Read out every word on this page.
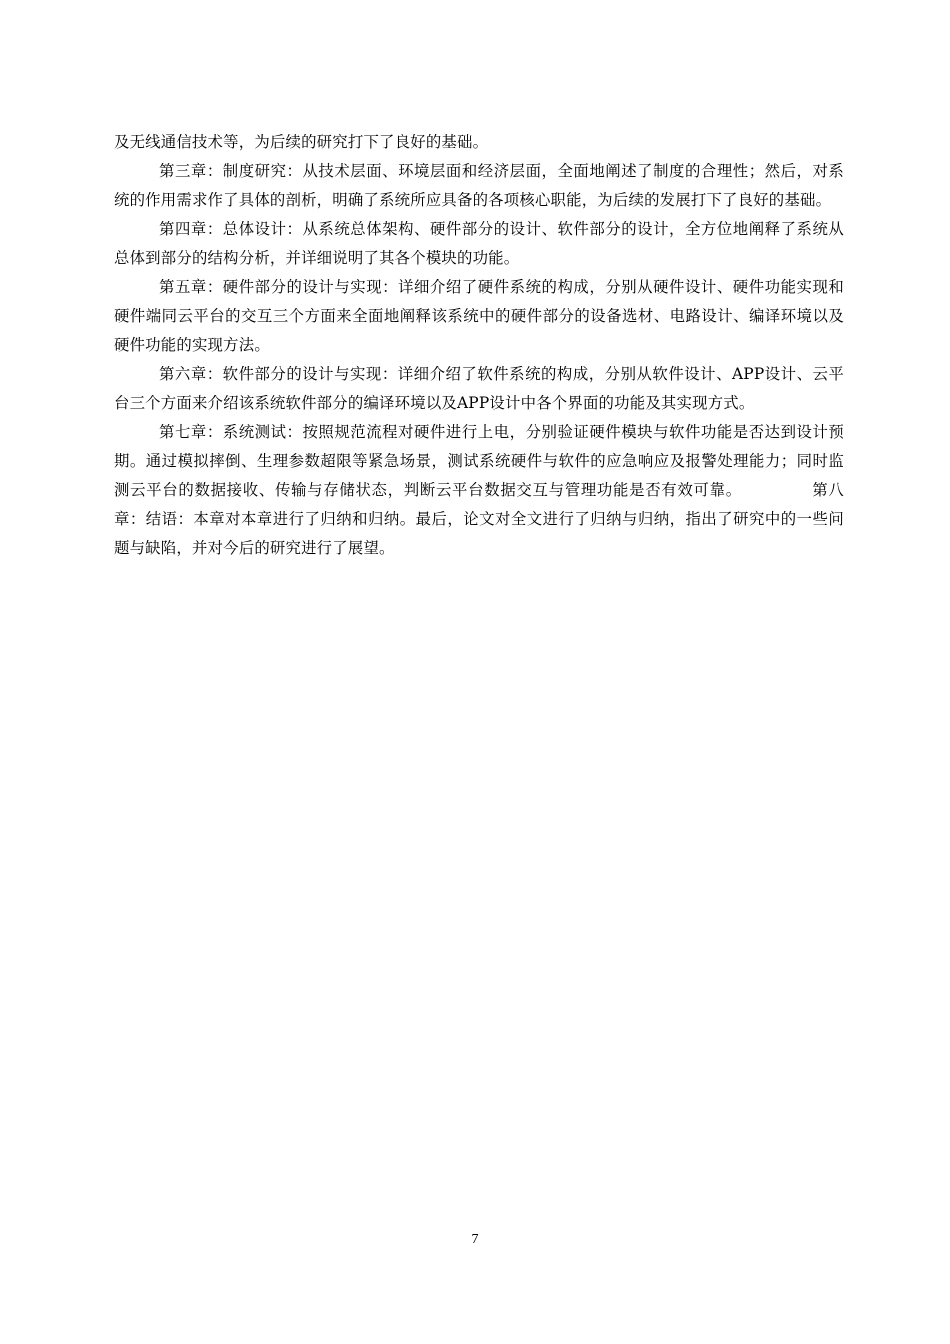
及无线通信技术等，为后续的研究打下了良好的基础。

第三章：制度研究：从技术层面、环境层面和经济层面，全面地阐述了制度的合理性；然后，对系统的作用需求作了具体的剖析，明确了系统所应具备的各项核心职能，为后续的发展打下了良好的基础。

第四章：总体设计：从系统总体架构、硬件部分的设计、软件部分的设计，全方位地阐释了系统从总体到部分的结构分析，并详细说明了其各个模块的功能。

第五章：硬件部分的设计与实现：详细介绍了硬件系统的构成，分别从硬件设计、硬件功能实现和硬件端同云平台的交互三个方面来全面地阐释该系统中的硬件部分的设备选材、电路设计、编译环境以及硬件功能的实现方法。

第六章：软件部分的设计与实现：详细介绍了软件系统的构成，分别从软件设计、APP设计、云平台三个方面来介绍该系统软件部分的编译环境以及APP设计中各个界面的功能及其实现方式。

第七章：系统测试：按照规范流程对硬件进行上电，分别验证硬件模块与软件功能是否达到设计预期。通过模拟摔倒、生理参数超限等紧急场景，测试系统硬件与软件的应急响应及报警处理能力；同时监测云平台的数据接收、传输与存储状态，判断云平台数据交互与管理功能是否有效可靠。	第八章：结语：本章对本章进行了归纳和归纳。最后，论文对全文进行了归纳与归纳，指出了研究中的一些问题与缺陷，并对今后的研究进行了展望。

7
